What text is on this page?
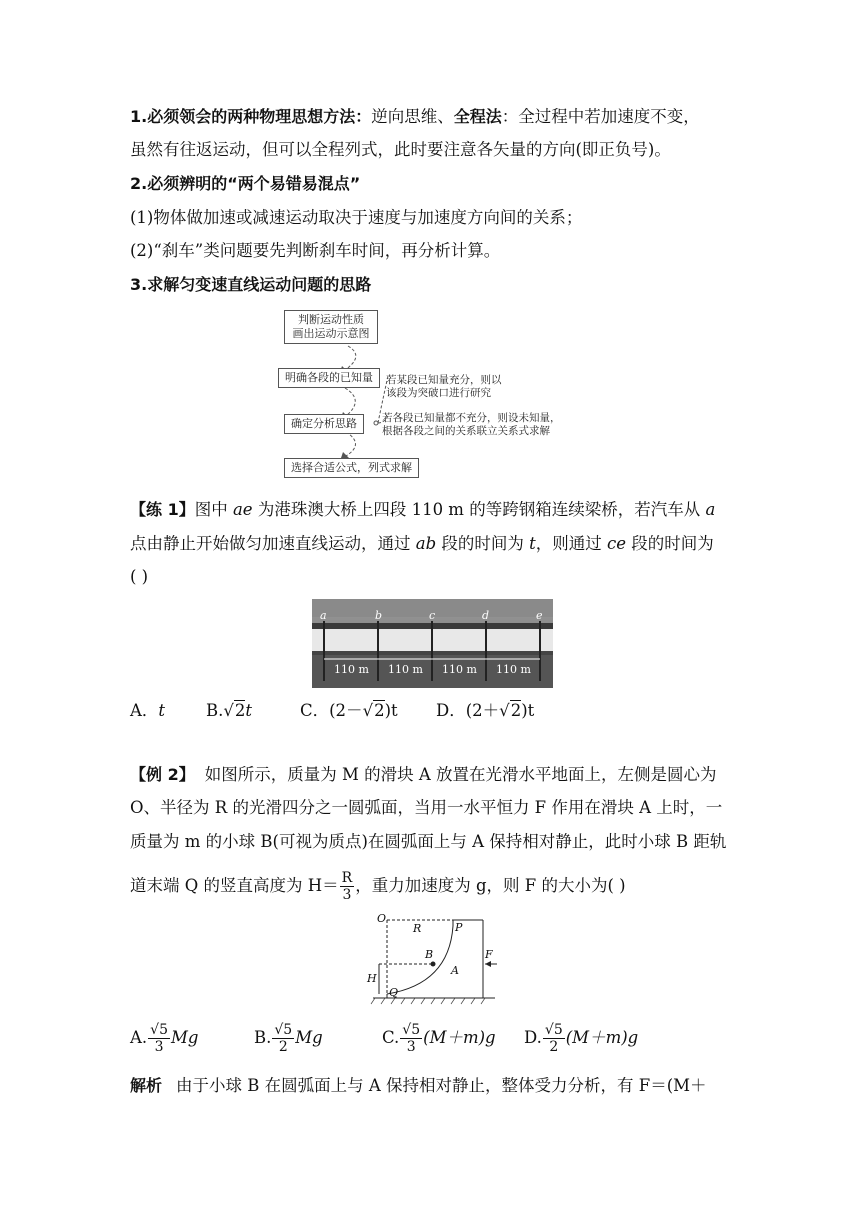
1.必须领会的两种物理思想方法：逆向思维、全程法：全过程中若加速度不变，
虽然有往返运动，但可以全程列式，此时要注意各矢量的方向(即正负号)。
2.必须辨明的“两个易错易混点”
(1)物体做加速或减速运动取决于速度与加速度方向间的关系；
(2)“刹车”类问题要先判断刹车时间，再分析计算。
3.求解匀变速直线运动问题的思路
判断运动性质
画出运动示意图
明确各段的已知量
确定分析思路
选择合适公式，列式求解
若某段已知量充分，则以
该段为突破口进行研究
若各段已知量都不充分，则设未知量，
根据各段之间的关系联立关系式求解
【练 1】图中 ae 为港珠澳大桥上四段 110 m 的等跨钢箱连续梁桥，若汽车从 a
点由静止开始做匀加速直线运动，通过 ab 段的时间为 t，则通过 ce 段的时间为
( )
a	b	c	d	e
110 m 110 m 110 m 110 m
A．t B.√2t	C．(2－√2)t D．(2＋√2)t
【例 2】 如图所示，质量为 M 的滑块 A 放置在光滑水平地面上，左侧是圆心为
O、半径为 R 的光滑四分之一圆弧面，当用一水平恒力 F 作用在滑块 A 上时，一
质量为 m 的小球 B(可视为质点)在圆弧面上与 A 保持相对静止，此时小球 B 距轨
道末端 Q 的竖直高度为 $H= \frac{R}{3}$ ，重力加速度为 g，则 F 的大小为( )
O
R	P
B
A
F
H
Q
A. $\frac{√5}{3}$ Mg	B. $\frac{√5}{2}$ Mg	C. $\frac{√5}{3} (M+m)g$ D. $\frac{√5}{2} (M+m)g$
解析 由于小球 B 在圆弧面上与 A 保持相对静止，整体受力分析，有 F＝(M＋
